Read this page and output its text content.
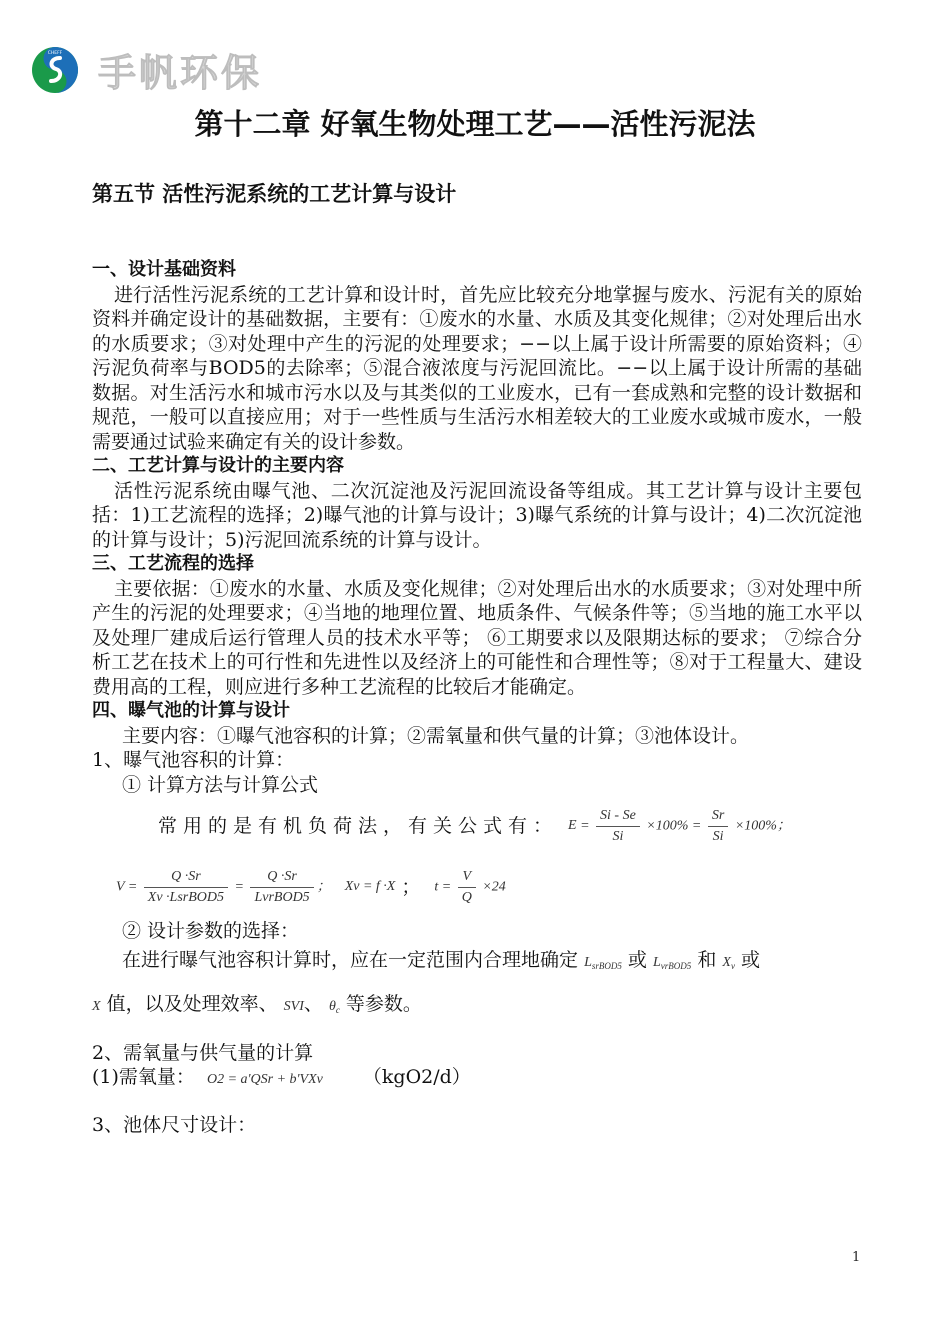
CHEFF 手帆环保
第十二章 好氧生物处理工艺——活性污泥法
第五节 活性污泥系统的工艺计算与设计

一、设计基础资料

进行活性污泥系统的工艺计算和设计时，首先应比较充分地掌握与废水、污泥有关的原始资料并确定设计的基础数据，主要有：①废水的水量、水质及其变化规律；②对处理后出水的水质要求；③对处理中产生的污泥的处理要求；−−以上属于设计所需要的原始资料；④污泥负荷率与BOD5的去除率；⑤混合液浓度与污泥回流比。−−以上属于设计所需的基础数据。对生活污水和城市污水以及与其类似的工业废水，已有一套成熟和完整的设计数据和规范，一般可以直接应用；对于一些性质与生活污水相差较大的工业废水或城市废水，一般需要通过试验来确定有关的设计参数。

二、工艺计算与设计的主要内容

活性污泥系统由曝气池、二次沉淀池及污泥回流设备等组成。其工艺计算与设计主要包括：1)工艺流程的选择；2)曝气池的计算与设计；3)曝气系统的计算与设计；4)二次沉淀池的计算与设计；5)污泥回流系统的计算与设计。

三、工艺流程的选择

主要依据：①废水的水量、水质及变化规律；②对处理后出水的水质要求；③对处理中所产生的污泥的处理要求；④当地的地理位置、地质条件、气候条件等；⑤当地的施工水平以及处理厂建成后运行管理人员的技术水平等； ⑥工期要求以及限期达标的要求； ⑦综合分析工艺在技术上的可行性和先进性以及经济上的可能性和合理性等；⑧对于工程量大、建设费用高的工程，则应进行多种工艺流程的比较后才能确定。

四、曝气池的计算与设计

主要内容：①曝气池容积的计算；②需氧量和供气量的计算；③池体设计。

1、曝气池容积的计算：

① 计算方法与计算公式

常用的是有机负荷法，有关公式有： $E = \frac{Si - Se}{Si} \times 100\% = \frac{Sr}{Si} \times 100\%$；
$V = \frac{Q \cdot Sr}{\text{Xv ·LsrBOD5}} = \frac{Q \cdot Sr}{\text{LvrBOD5}}$ ； Xv = f ·X ； $t = \frac{V}{Q} \times 24$

② 设计参数的选择：

在进行曝气池容积计算时，应在一定范围内合理地确定 $L_{srBOD5}$ 或 $L_{vrBOD5}$ 和 $X_v$ 或

X 值，以及处理效率、 SVI、 $\theta_c$ 等参数。

2、需氧量与供气量的计算

(1)需氧量： O2 = a'QSr + b'VXv （kgO2/d）

3、池体尺寸设计：

1
